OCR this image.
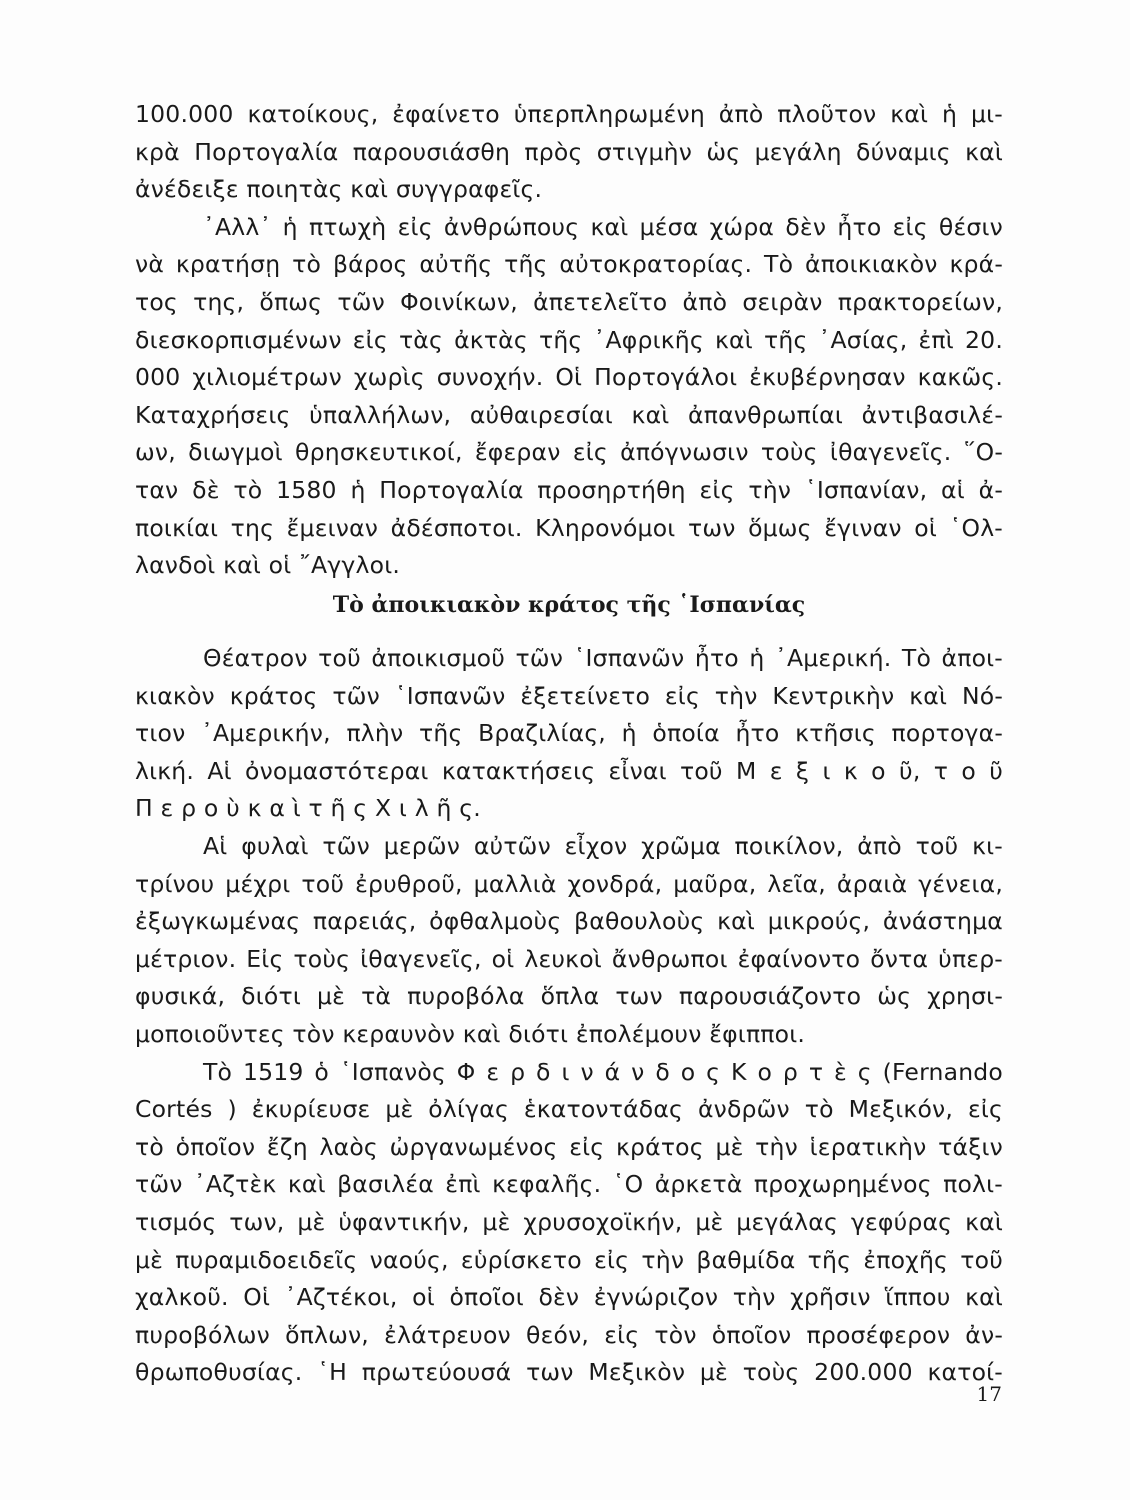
100.000 κατοίκους, ἐφαίνετο ὑπερπληρωμένη ἀπὸ πλοῦτον καὶ ἡ μι-
κρὰ Πορτογαλία παρουσιάσθη πρὸς στιγμὴν ὡς μεγάλη δύναμις καὶ
ἀνέδειξε ποιητὰς καὶ συγγραφεῖς.
᾿Αλλ᾿ ἡ πτωχὴ εἰς ἀνθρώπους καὶ μέσα χώρα δὲν ἦτο εἰς θέσιν
νὰ κρατήσῃ τὸ βάρος αὐτῆς τῆς αὐτοκρατορίας. Τὸ ἀποικιακὸν κρά-
τος της, ὅπως τῶν Φοινίκων, ἀπετελεῖτο ἀπὸ σειρὰν πρακτορείων,
διεσκορπισμένων εἰς τὰς ἀκτὰς τῆς ᾿Αφρικῆς καὶ τῆς ᾿Ασίας, ἐπὶ 20.
000 χιλιομέτρων χωρὶς συνοχήν. Οἱ Πορτογάλοι ἐκυβέρνησαν κακῶς.
Καταχρήσεις ὑπαλλήλων, αὐθαιρεσίαι καὶ ἀπανθρωπίαι ἀντιβασιλέ-
ων, διωγμοὶ θρησκευτικοί, ἔφεραν εἰς ἀπόγνωσιν τοὺς ἰθαγενεῖς. ῞Ο-
ταν δὲ τὸ 1580 ἡ Πορτογαλία προσηρτήθη εἰς τὴν ῾Ισπανίαν, αἱ ἀ-
ποικίαι της ἔμειναν ἀδέσποτοι. Κληρονόμοι των ὅμως ἔγιναν οἱ ῾Ολ-
λανδοὶ καὶ οἱ ῎Αγγλοι.
Τὸ ἀποικιακὸν κράτος τῆς ῾Ισπανίας
Θέατρον τοῦ ἀποικισμοῦ τῶν ῾Ισπανῶν ἦτο ἡ ᾿Αμερική. Τὸ ἀποι-
κιακὸν κράτος τῶν ῾Ισπανῶν ἐξετείνετο εἰς τὴν Κεντρικὴν καὶ Νό-
τιον ᾿Αμερικήν, πλὴν τῆς Βραζιλίας, ἡ ὁποία ἦτο κτῆσις πορτογα-
λική. Αἱ ὀνομαστότεραι κατακτήσεις εἶναι τοῦ Μ ε ξ ι κ ο ῦ, τ ο ῦ
Π ε ρ ο ὺ κ α ὶ τ ῆ ς Χ ι λ ῆ ς.
Αἱ φυλαὶ τῶν μερῶν αὐτῶν εἶχον χρῶμα ποικίλον, ἀπὸ τοῦ κι-
τρίνου μέχρι τοῦ ἐρυθροῦ, μαλλιὰ χονδρά, μαῦρα, λεῖα, ἀραιὰ γένεια,
ἐξωγκωμένας παρειάς, ὀφθαλμοὺς βαθουλοὺς καὶ μικρούς, ἀνάστημα
μέτριον. Εἰς τοὺς ἰθαγενεῖς, οἱ λευκοὶ ἄνθρωποι ἐφαίνοντο ὄντα ὑπερ-
φυσικά, διότι μὲ τὰ πυροβόλα ὅπλα των παρουσιάζοντο ὡς χρησι-
μοποιοῦντες τὸν κεραυνὸν καὶ διότι ἐπολέμουν ἔφιπποι.
Τὸ 1519 ὁ ῾Ισπανὸς Φ ε ρ δ ι ν ά ν δ ο ς Κ ο ρ τ ὲ ς (Fernando
Cortés ) ἐκυρίευσε μὲ ὀλίγας ἑκατοντάδας ἀνδρῶν τὸ Μεξικόν, εἰς
τὸ ὁποῖον ἔζη λαὸς ὠργανωμένος εἰς κράτος μὲ τὴν ἱερατικὴν τάξιν
τῶν ᾿Αζτὲκ καὶ βασιλέα ἐπὶ κεφαλῆς. ῾Ο ἀρκετὰ προχωρημένος πολι-
τισμός των, μὲ ὑφαντικήν, μὲ χρυσοχοϊκήν, μὲ μεγάλας γεφύρας καὶ
μὲ πυραμιδοειδεῖς ναούς, εὑρίσκετο εἰς τὴν βαθμίδα τῆς ἐποχῆς τοῦ
χαλκοῦ. Οἱ ᾿Αζτέκοι, οἱ ὁποῖοι δὲν ἐγνώριζον τὴν χρῆσιν ἵππου καὶ
πυροβόλων ὅπλων, ἐλάτρευον θεόν, εἰς τὸν ὁποῖον προσέφερον ἀν-
θρωποθυσίας. ῾Η πρωτεύουσά των Μεξικὸν μὲ τοὺς 200.000 κατοί-
17
